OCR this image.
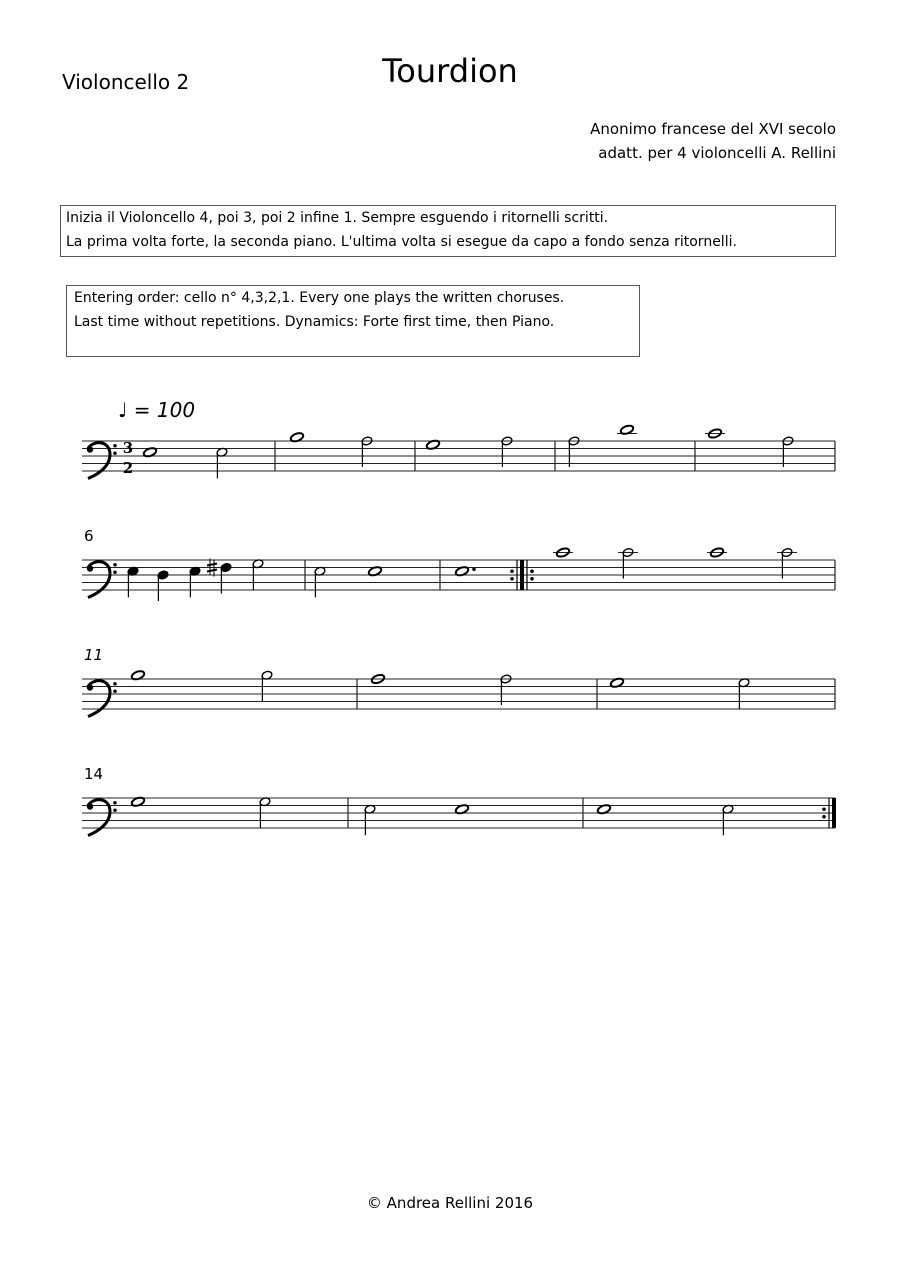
Violoncello 2	Tourdion
Anonimo francese del XVI secolo
adatt. per 4 violoncelli A. Rellini
Inizia il Violoncello 4, poi 3, poi 2 infine 1. Sempre esguendo i ritornelli scritti.
La prima volta forte, la seconda piano. L'ultima volta si esegue da capo a fondo senza ritornelli.
Entering order: cello n° 4,3,2,1. Every one plays the written choruses.
Last time without repetitions. Dynamics: Forte first time, then Piano.
♩ = 100
6
11
14
3
2
© Andrea Rellini 2016
